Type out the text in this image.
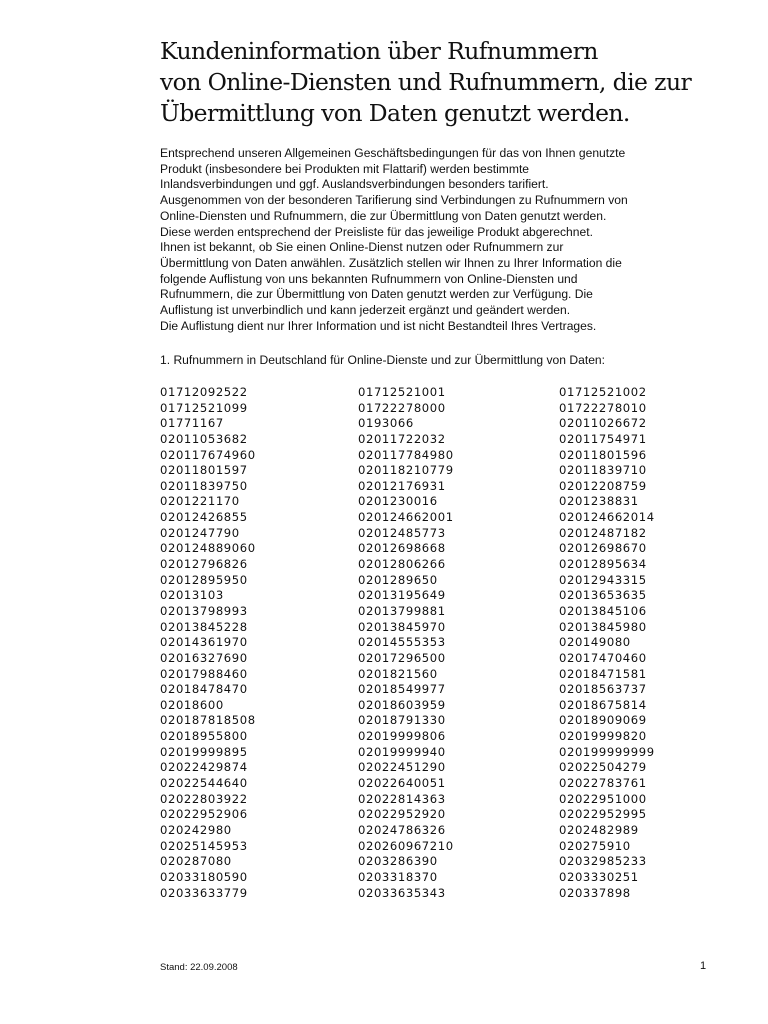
Kundeninformation über Rufnummern
von Online-Diensten und Rufnummern, die zur
Übermittlung von Daten genutzt werden.
Entsprechend unseren Allgemeinen Geschäftsbedingungen für das von Ihnen genutzte
Produkt (insbesondere bei Produkten mit Flattarif) werden bestimmte
Inlandsverbindungen und ggf. Auslandsverbindungen besonders tarifiert.
Ausgenommen von der besonderen Tarifierung sind Verbindungen zu Rufnummern von
Online-Diensten und Rufnummern, die zur Übermittlung von Daten genutzt werden.
Diese werden entsprechend der Preisliste für das jeweilige Produkt abgerechnet.
Ihnen ist bekannt, ob Sie einen Online-Dienst nutzen oder Rufnummern zur
Übermittlung von Daten anwählen. Zusätzlich stellen wir Ihnen zu Ihrer Information die
folgende Auflistung von uns bekannten Rufnummern von Online-Diensten und
Rufnummern, die zur Übermittlung von Daten genutzt werden zur Verfügung. Die
Auflistung ist unverbindlich und kann jederzeit ergänzt und geändert werden.
Die Auflistung dient nur Ihrer Information und ist nicht Bestandteil Ihres Vertrages.
1. Rufnummern in Deutschland für Online-Dienste und zur Übermittlung von Daten:
01712092522	01712521001	01712521002
01712521099	01722278000	01722278010
01771167	0193066	02011026672
02011053682	02011722032	02011754971
020117674960	020117784980	02011801596
02011801597	020118210779	02011839710
02011839750	02012176931	02012208759
0201221170	0201230016	0201238831
02012426855	020124662001	020124662014
0201247790	02012485773	02012487182
020124889060	02012698668	02012698670
02012796826	02012806266	02012895634
02012895950	0201289650	02012943315
02013103	02013195649	02013653635
02013798993	02013799881	02013845106
02013845228	02013845970	02013845980
02014361970	02014555353	020149080
02016327690	02017296500	02017470460
02017988460	0201821560	02018471581
02018478470	02018549977	02018563737
02018600	02018603959	02018675814
020187818508	02018791330	02018909069
02018955800	02019999806	02019999820
02019999895	02019999940	020199999999
02022429874	02022451290	02022504279
02022544640	02022640051	02022783761
02022803922	02022814363	02022951000
02022952906	02022952920	02022952995
020242980	02024786326	0202482989
02025145953	020260967210	020275910
020287080	0203286390	02032985233
02033180590	0203318370	0203330251
02033633779	02033635343	020337898
Stand: 22.09.2008	1
